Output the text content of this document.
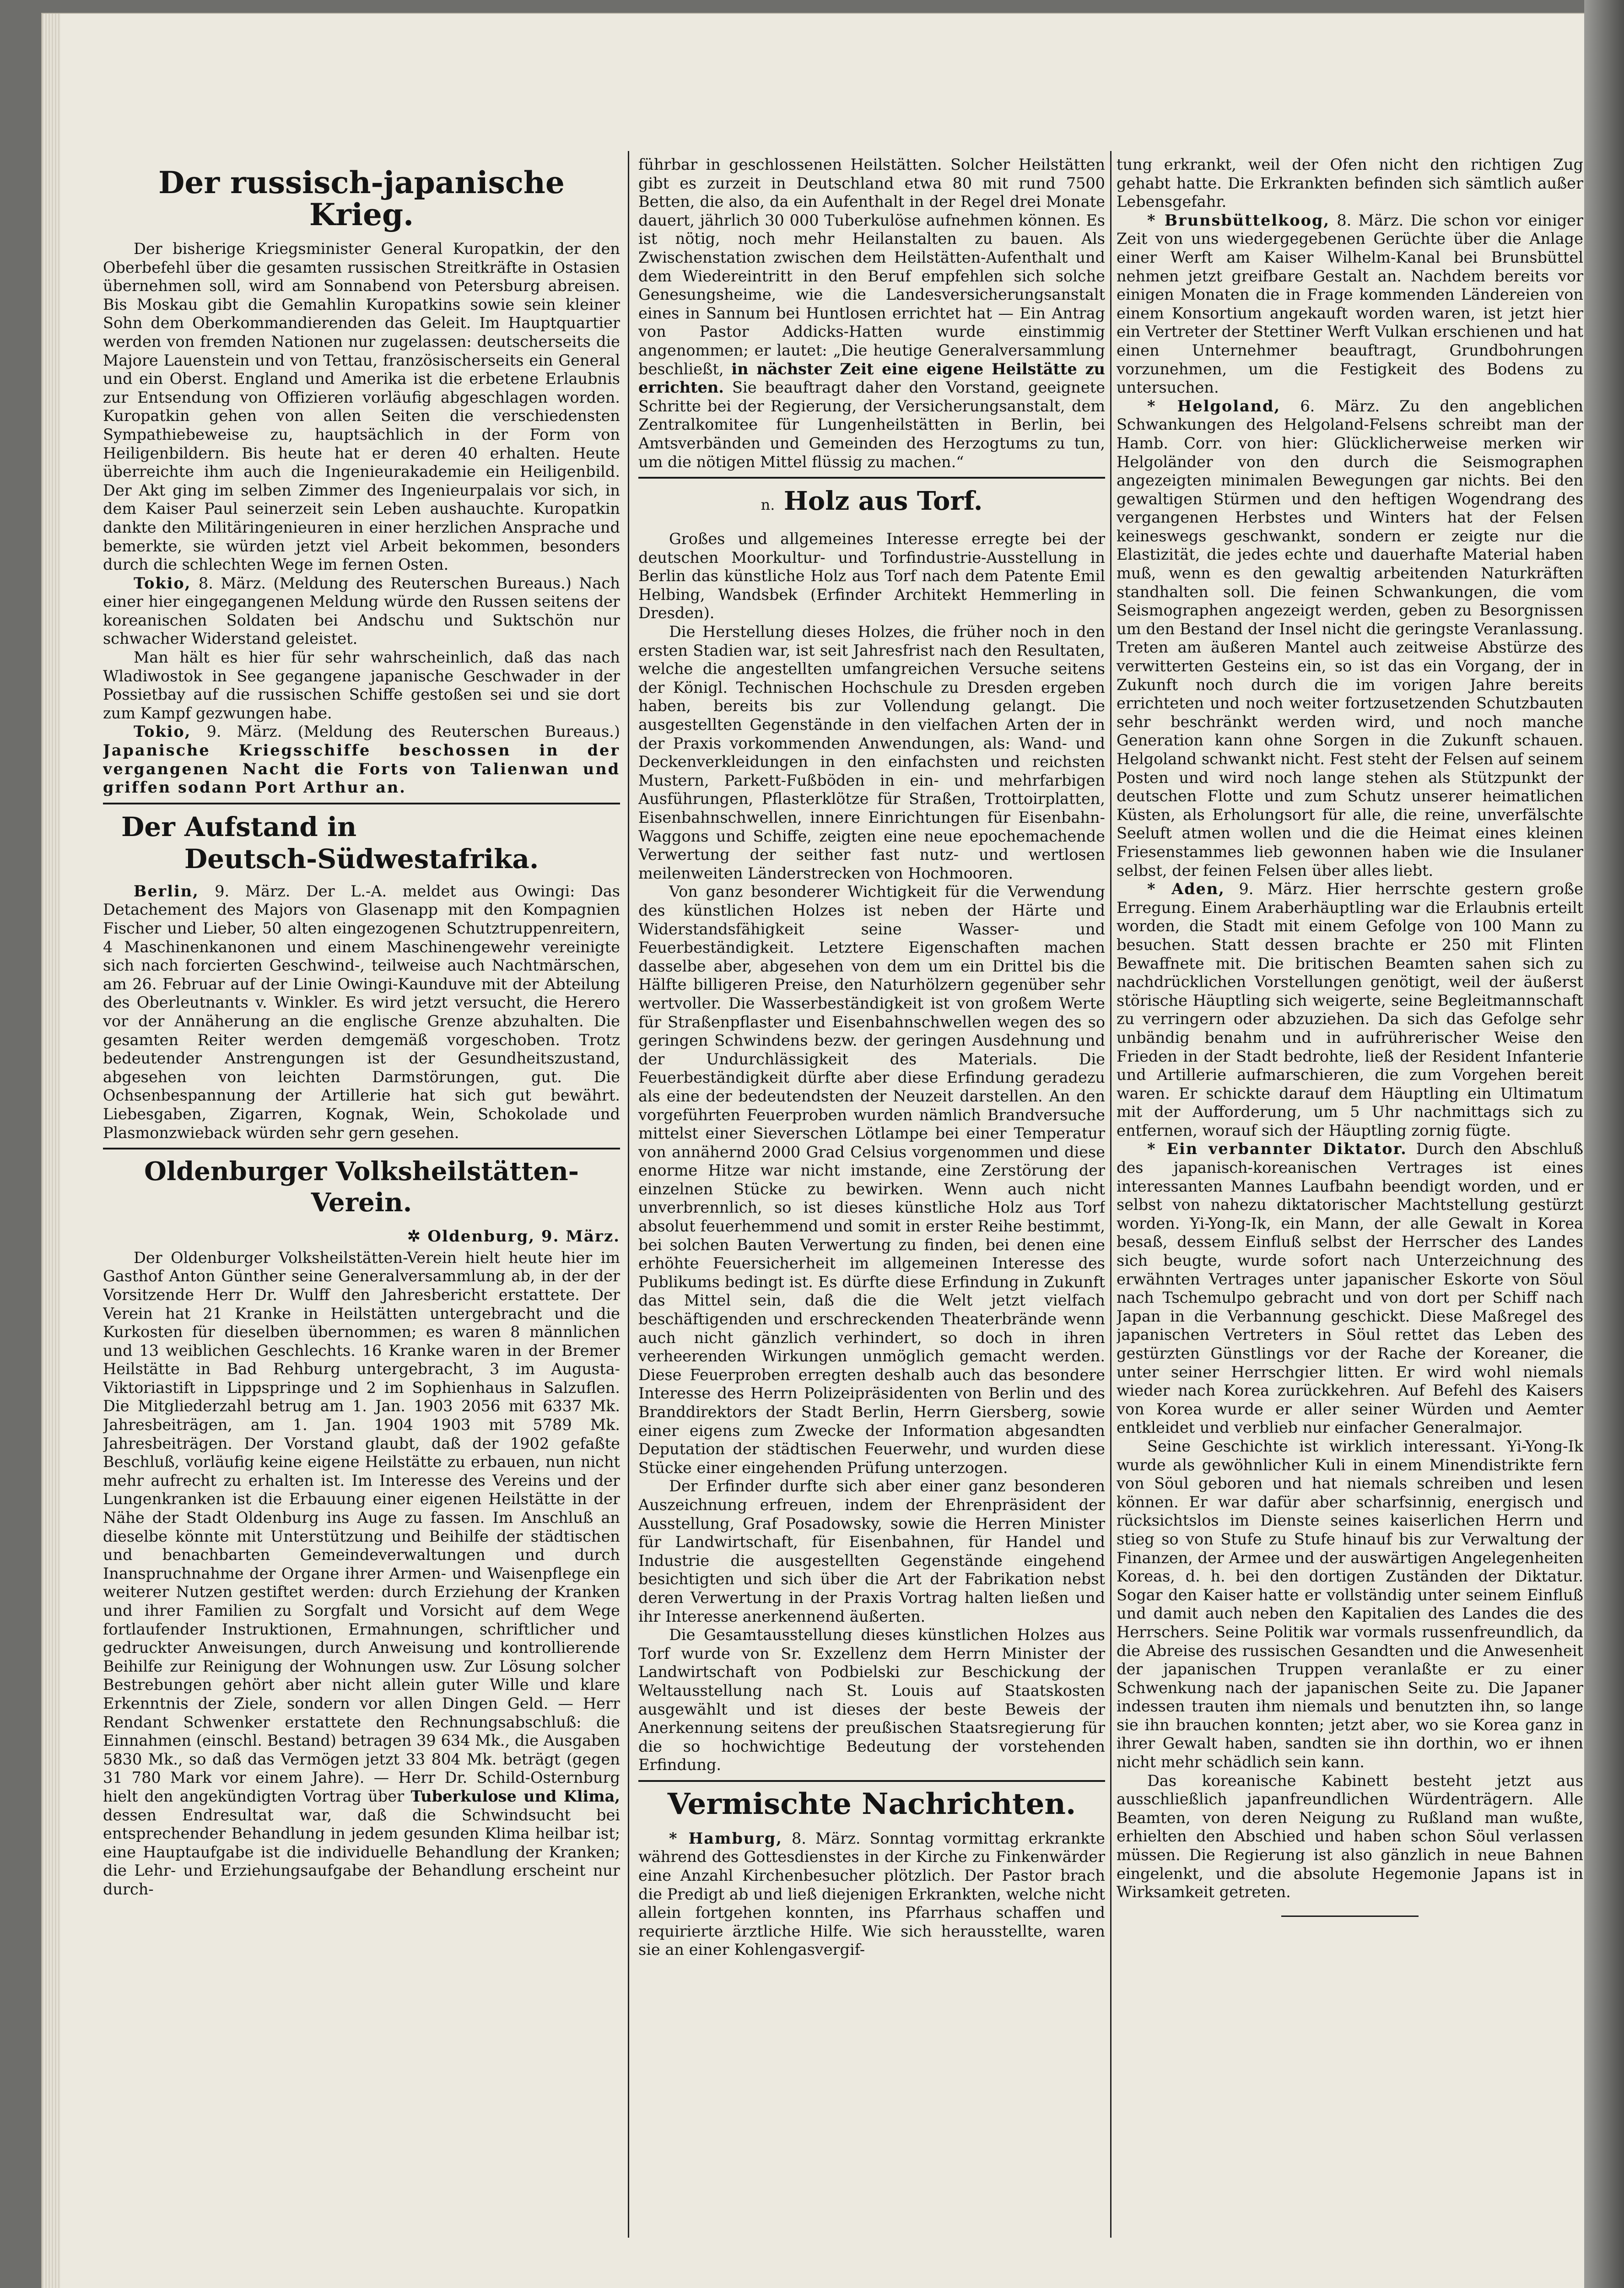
Der russisch-japanische Krieg.

Der bisherige Kriegsminister General Kuropatkin, der den Oberbefehl über die gesamten russischen Streitkräfte in Ostasien übernehmen soll, wird am Sonnabend von Petersburg abreisen. Bis Moskau gibt die Gemahlin Kuropatkins sowie sein kleiner Sohn dem Oberkommandierenden das Geleit. Im Hauptquartier werden von fremden Nationen nur zugelassen: deutscherseits die Majore Lauenstein und von Tettau, französischerseits ein General und ein Oberst. England und Amerika ist die erbetene Erlaubnis zur Entsendung von Offizieren vorläufig abgeschlagen worden. Kuropatkin gehen von allen Seiten die verschiedensten Sympathiebeweise zu, hauptsächlich in der Form von Heiligenbildern. Bis heute hat er deren 40 erhalten. Heute überreichte ihm auch die Ingenieurakademie ein Heiligenbild. Der Akt ging im selben Zimmer des Ingenieurpalais vor sich, in dem Kaiser Paul seinerzeit sein Leben aushauchte. Kuropatkin dankte den Militäringenieuren in einer herzlichen Ansprache und bemerkte, sie würden jetzt viel Arbeit bekommen, besonders durch die schlechten Wege im fernen Osten.

Tokio, 8. März. (Meldung des Reuterschen Bureaus.) Nach einer hier eingegangenen Meldung würde den Russen seitens der koreanischen Soldaten bei Andschu und Suktschön nur schwacher Widerstand geleistet.

Man hält es hier für sehr wahrscheinlich, daß das nach Wladiwostok in See gegangene japanische Geschwader in der Possietbay auf die russischen Schiffe gestoßen sei und sie dort zum Kampf gezwungen habe.

Tokio, 9. März. (Meldung des Reuterschen Bureaus.) Japanische Kriegsschiffe beschossen in der vergangenen Nacht die Forts von Talienwan und griffen sodann Port Arthur an.

Der Aufstand in
Deutsch-Südwestafrika.

Berlin, 9. März. Der L.-A. meldet aus Owingi: Das Detachement des Majors von Glasenapp mit den Kompagnien Fischer und Lieber, 50 alten eingezogenen Schutztruppenreitern, 4 Maschinenkanonen und einem Maschinengewehr vereinigte sich nach forcierten Geschwind-, teilweise auch Nachtmärschen, am 26. Februar auf der Linie Owingi-Kaunduve mit der Abteilung des Oberleutnants v. Winkler. Es wird jetzt versucht, die Herero vor der Annäherung an die englische Grenze abzuhalten. Die gesamten Reiter werden demgemäß vorgeschoben. Trotz bedeutender Anstrengungen ist der Gesundheitszustand, abgesehen von leichten Darmstörungen, gut. Die Ochsenbespannung der Artillerie hat sich gut bewährt. Liebesgaben, Zigarren, Kognak, Wein, Schokolade und Plasmonzwieback würden sehr gern gesehen.

Oldenburger Volksheilstätten-Verein.
✲ Oldenburg, 9. März.

Der Oldenburger Volksheilstätten-Verein hielt heute hier im Gasthof Anton Günther seine Generalversammlung ab, in der der Vorsitzende Herr Dr. Wulff den Jahresbericht erstattete. Der Verein hat 21 Kranke in Heilstätten untergebracht und die Kurkosten für dieselben übernommen; es waren 8 männlichen und 13 weiblichen Geschlechts. 16 Kranke waren in der Bremer Heilstätte in Bad Rehburg untergebracht, 3 im Augusta-Viktoriastift in Lippspringe und 2 im Sophienhaus in Salzuflen. Die Mitgliederzahl betrug am 1. Jan. 1903 2056 mit 6337 Mk. Jahresbeiträgen, am 1. Jan. 1904 1903 mit 5789 Mk. Jahresbeiträgen. Der Vorstand glaubt, daß der 1902 gefaßte Beschluß, vorläufig keine eigene Heilstätte zu erbauen, nun nicht mehr aufrecht zu erhalten ist. Im Interesse des Vereins und der Lungenkranken ist die Erbauung einer eigenen Heilstätte in der Nähe der Stadt Oldenburg ins Auge zu fassen. Im Anschluß an dieselbe könnte mit Unterstützung und Beihilfe der städtischen und benachbarten Gemeindeverwaltungen und durch Inanspruchnahme der Organe ihrer Armen- und Waisenpflege ein weiterer Nutzen gestiftet werden: durch Erziehung der Kranken und ihrer Familien zu Sorgfalt und Vorsicht auf dem Wege fortlaufender Instruktionen, Ermahnungen, schriftlicher und gedruckter Anweisungen, durch Anweisung und kontrollierende Beihilfe zur Reinigung der Wohnungen usw. Zur Lösung solcher Bestrebungen gehört aber nicht allein guter Wille und klare Erkenntnis der Ziele, sondern vor allen Dingen Geld. — Herr Rendant Schwenker erstattete den Rechnungsabschluß: die Einnahmen (einschl. Bestand) betragen 39 634 Mk., die Ausgaben 5830 Mk., so daß das Vermögen jetzt 33 804 Mk. beträgt (gegen 31 780 Mark vor einem Jahre). — Herr Dr. Schild-Osternburg hielt den angekündigten Vortrag über Tuberkulose und Klima, dessen Endresultat war, daß die Schwindsucht bei entsprechender Behandlung in jedem gesunden Klima heilbar ist; eine Hauptaufgabe ist die individuelle Behandlung der Kranken; die Lehr- und Erziehungsaufgabe der Behandlung erscheint nur durch-

führbar in geschlossenen Heilstätten. Solcher Heilstätten gibt es zurzeit in Deutschland etwa 80 mit rund 7500 Betten, die also, da ein Aufenthalt in der Regel drei Monate dauert, jährlich 30 000 Tuberkulöse aufnehmen können. Es ist nötig, noch mehr Heilanstalten zu bauen. Als Zwischenstation zwischen dem Heilstätten-Aufenthalt und dem Wiedereintritt in den Beruf empfehlen sich solche Genesungsheime, wie die Landesversicherungsanstalt eines in Sannum bei Huntlosen errichtet hat — Ein Antrag von Pastor Addicks-Hatten wurde einstimmig angenommen; er lautet: „Die heutige Generalversammlung beschließt, in nächster Zeit eine eigene Heilstätte zu errichten. Sie beauftragt daher den Vorstand, geeignete Schritte bei der Regierung, der Versicherungsanstalt, dem Zentralkomitee für Lungenheilstätten in Berlin, bei Amtsverbänden und Gemeinden des Herzogtums zu tun, um die nötigen Mittel flüssig zu machen.“

n. Holz aus Torf.

Großes und allgemeines Interesse erregte bei der deutschen Moorkultur- und Torfindustrie-Ausstellung in Berlin das künstliche Holz aus Torf nach dem Patente Emil Helbing, Wandsbek (Erfinder Architekt Hemmerling in Dresden).

Die Herstellung dieses Holzes, die früher noch in den ersten Stadien war, ist seit Jahresfrist nach den Resultaten, welche die angestellten umfangreichen Versuche seitens der Königl. Technischen Hochschule zu Dresden ergeben haben, bereits bis zur Vollendung gelangt. Die ausgestellten Gegenstände in den vielfachen Arten der in der Praxis vorkommenden Anwendungen, als: Wand- und Deckenverkleidungen in den einfachsten und reichsten Mustern, Parkett-Fußböden in ein- und mehrfarbigen Ausführungen, Pflasterklötze für Straßen, Trottoirplatten, Eisenbahnschwellen, innere Einrichtungen für Eisenbahn-Waggons und Schiffe, zeigten eine neue epochemachende Verwertung der seither fast nutz- und wertlosen meilenweiten Länderstrecken von Hochmooren.

Von ganz besonderer Wichtigkeit für die Verwendung des künstlichen Holzes ist neben der Härte und Widerstandsfähigkeit seine Wasser- und Feuerbeständigkeit. Letztere Eigenschaften machen dasselbe aber, abgesehen von dem um ein Drittel bis die Hälfte billigeren Preise, den Naturhölzern gegenüber sehr wertvoller. Die Wasserbeständigkeit ist von großem Werte für Straßenpflaster und Eisenbahnschwellen wegen des so geringen Schwindens bezw. der geringen Ausdehnung und der Undurchlässigkeit des Materials. Die Feuerbeständigkeit dürfte aber diese Erfindung geradezu als eine der bedeutendsten der Neuzeit darstellen. An den vorgeführten Feuerproben wurden nämlich Brandversuche mittelst einer Sieverschen Lötlampe bei einer Temperatur von annähernd 2000 Grad Celsius vorgenommen und diese enorme Hitze war nicht imstande, eine Zerstörung der einzelnen Stücke zu bewirken. Wenn auch nicht unverbrennlich, so ist dieses künstliche Holz aus Torf absolut feuerhemmend und somit in erster Reihe bestimmt, bei solchen Bauten Verwertung zu finden, bei denen eine erhöhte Feuersicherheit im allgemeinen Interesse des Publikums bedingt ist. Es dürfte diese Erfindung in Zukunft das Mittel sein, daß die die Welt jetzt vielfach beschäftigenden und erschreckenden Theaterbrände wenn auch nicht gänzlich verhindert, so doch in ihren verheerenden Wirkungen unmöglich gemacht werden. Diese Feuerproben erregten deshalb auch das besondere Interesse des Herrn Polizeipräsidenten von Berlin und des Branddirektors der Stadt Berlin, Herrn Giersberg, sowie einer eigens zum Zwecke der Information abgesandten Deputation der städtischen Feuerwehr, und wurden diese Stücke einer eingehenden Prüfung unterzogen.

Der Erfinder durfte sich aber einer ganz besonderen Auszeichnung erfreuen, indem der Ehrenpräsident der Ausstellung, Graf Posadowsky, sowie die Herren Minister für Landwirtschaft, für Eisenbahnen, für Handel und Industrie die ausgestellten Gegenstände eingehend besichtigten und sich über die Art der Fabrikation nebst deren Verwertung in der Praxis Vortrag halten ließen und ihr Interesse anerkennend äußerten.

Die Gesamtausstellung dieses künstlichen Holzes aus Torf wurde von Sr. Exzellenz dem Herrn Minister der Landwirtschaft von Podbielski zur Beschickung der Weltausstellung nach St. Louis auf Staatskosten ausgewählt und ist dieses der beste Beweis der Anerkennung seitens der preußischen Staatsregierung für die so hochwichtige Bedeutung der vorstehenden Erfindung.

Vermischte Nachrichten.

* Hamburg, 8. März. Sonntag vormittag erkrankte während des Gottesdienstes in der Kirche zu Finkenwärder eine Anzahl Kirchenbesucher plötzlich. Der Pastor brach die Predigt ab und ließ diejenigen Erkrankten, welche nicht allein fortgehen konnten, ins Pfarrhaus schaffen und requirierte ärztliche Hilfe. Wie sich herausstellte, waren sie an einer Kohlengasvergif-

tung erkrankt, weil der Ofen nicht den richtigen Zug gehabt hatte. Die Erkrankten befinden sich sämtlich außer Lebensgefahr.

* Brunsbüttelkoog, 8. März. Die schon vor einiger Zeit von uns wiedergegebenen Gerüchte über die Anlage einer Werft am Kaiser Wilhelm-Kanal bei Brunsbüttel nehmen jetzt greifbare Gestalt an. Nachdem bereits vor einigen Monaten die in Frage kommenden Ländereien von einem Konsortium angekauft worden waren, ist jetzt hier ein Vertreter der Stettiner Werft Vulkan erschienen und hat einen Unternehmer beauftragt, Grundbohrungen vorzunehmen, um die Festigkeit des Bodens zu untersuchen.

* Helgoland, 6. März. Zu den angeblichen Schwankungen des Helgoland-Felsens schreibt man der Hamb. Corr. von hier: Glücklicherweise merken wir Helgoländer von den durch die Seismographen angezeigten minimalen Bewegungen gar nichts. Bei den gewaltigen Stürmen und den heftigen Wogendrang des vergangenen Herbstes und Winters hat der Felsen keineswegs geschwankt, sondern er zeigte nur die Elastizität, die jedes echte und dauerhafte Material haben muß, wenn es den gewaltig arbeitenden Naturkräften standhalten soll. Die feinen Schwankungen, die vom Seismographen angezeigt werden, geben zu Besorgnissen um den Bestand der Insel nicht die geringste Veranlassung. Treten am äußeren Mantel auch zeitweise Abstürze des verwitterten Gesteins ein, so ist das ein Vorgang, der in Zukunft noch durch die im vorigen Jahre bereits errichteten und noch weiter fortzusetzenden Schutzbauten sehr beschränkt werden wird, und noch manche Generation kann ohne Sorgen in die Zukunft schauen. Helgoland schwankt nicht. Fest steht der Felsen auf seinem Posten und wird noch lange stehen als Stützpunkt der deutschen Flotte und zum Schutz unserer heimatlichen Küsten, als Erholungsort für alle, die reine, unverfälschte Seeluft atmen wollen und die die Heimat eines kleinen Friesenstammes lieb gewonnen haben wie die Insulaner selbst, der feinen Felsen über alles liebt.

* Aden, 9. März. Hier herrschte gestern große Erregung. Einem Araberhäuptling war die Erlaubnis erteilt worden, die Stadt mit einem Gefolge von 100 Mann zu besuchen. Statt dessen brachte er 250 mit Flinten Bewaffnete mit. Die britischen Beamten sahen sich zu nachdrücklichen Vorstellungen genötigt, weil der äußerst störische Häuptling sich weigerte, seine Begleitmannschaft zu verringern oder abzuziehen. Da sich das Gefolge sehr unbändig benahm und in aufrührerischer Weise den Frieden in der Stadt bedrohte, ließ der Resident Infanterie und Artillerie aufmarschieren, die zum Vorgehen bereit waren. Er schickte darauf dem Häuptling ein Ultimatum mit der Aufforderung, um 5 Uhr nachmittags sich zu entfernen, worauf sich der Häuptling zornig fügte.

* Ein verbannter Diktator. Durch den Abschluß des japanisch-koreanischen Vertrages ist eines interessanten Mannes Laufbahn beendigt worden, und er selbst von nahezu diktatorischer Machtstellung gestürzt worden. Yi-Yong-Ik, ein Mann, der alle Gewalt in Korea besaß, dessem Einfluß selbst der Herrscher des Landes sich beugte, wurde sofort nach Unterzeichnung des erwähnten Vertrages unter japanischer Eskorte von Söul nach Tschemulpo gebracht und von dort per Schiff nach Japan in die Verbannung geschickt. Diese Maßregel des japanischen Vertreters in Söul rettet das Leben des gestürzten Günstlings vor der Rache der Koreaner, die unter seiner Herrschgier litten. Er wird wohl niemals wieder nach Korea zurückkehren. Auf Befehl des Kaisers von Korea wurde er aller seiner Würden und Aemter entkleidet und verblieb nur einfacher Generalmajor.

Seine Geschichte ist wirklich interessant. Yi-Yong-Ik wurde als gewöhnlicher Kuli in einem Minendistrikte fern von Söul geboren und hat niemals schreiben und lesen können. Er war dafür aber scharfsinnig, energisch und rücksichtslos im Dienste seines kaiserlichen Herrn und stieg so von Stufe zu Stufe hinauf bis zur Verwaltung der Finanzen, der Armee und der auswärtigen Angelegenheiten Koreas, d. h. bei den dortigen Zuständen der Diktatur. Sogar den Kaiser hatte er vollständig unter seinem Einfluß und damit auch neben den Kapitalien des Landes die des Herrschers. Seine Politik war vormals russenfreundlich, da die Abreise des russischen Gesandten und die Anwesenheit der japanischen Truppen veranlaßte er zu einer Schwenkung nach der japanischen Seite zu. Die Japaner indessen trauten ihm niemals und benutzten ihn, so lange sie ihn brauchen konnten; jetzt aber, wo sie Korea ganz in ihrer Gewalt haben, sandten sie ihn dorthin, wo er ihnen nicht mehr schädlich sein kann.

Das koreanische Kabinett besteht jetzt aus ausschließlich japanfreundlichen Würdenträgern. Alle Beamten, von deren Neigung zu Rußland man wußte, erhielten den Abschied und haben schon Söul verlassen müssen. Die Regierung ist also gänzlich in neue Bahnen eingelenkt, und die absolute Hegemonie Japans ist in Wirksamkeit getreten.
